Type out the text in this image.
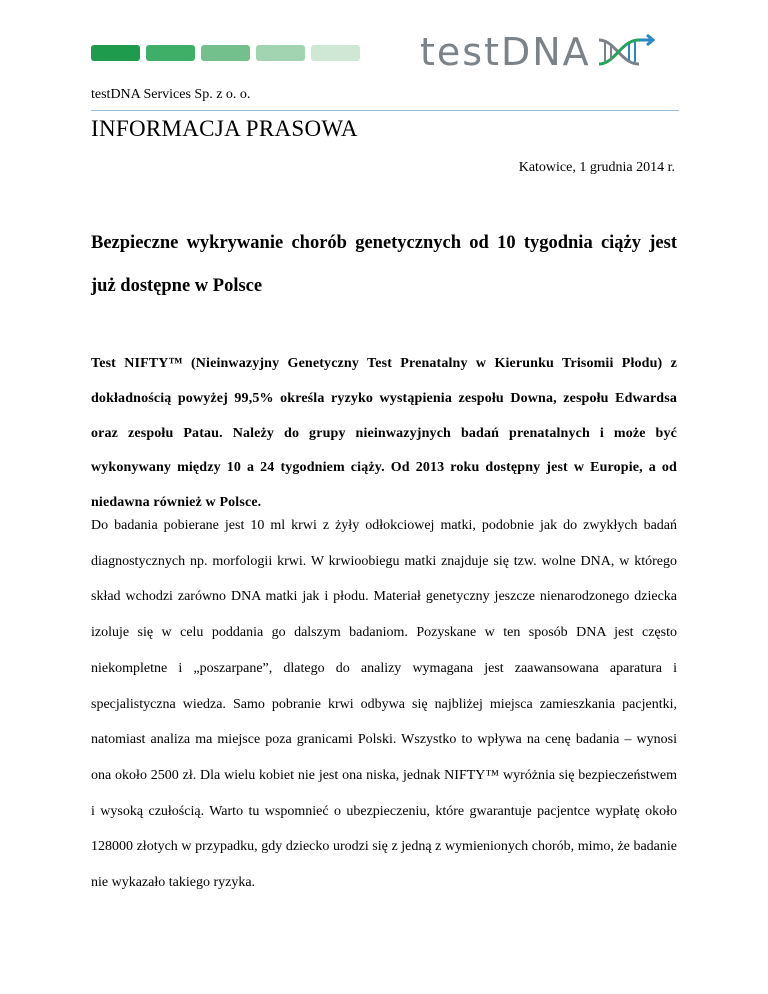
testDNA
testDNA Services Sp. z o. o.
INFORMACJA PRASOWA
Katowice, 1 grudnia 2014 r.
Bezpieczne wykrywanie chorób genetycznych od 10 tygodnia ciąży jest już dostępne w Polsce
Test NIFTY™ (Nieinwazyjny Genetyczny Test Prenatalny w Kierunku Trisomii Płodu) z dokładnością powyżej 99,5% określa ryzyko wystąpienia zespołu Downa, zespołu Edwardsa oraz zespołu Patau. Należy do grupy nieinwazyjnych badań prenatalnych i może być wykonywany między 10 a 24 tygodniem ciąży. Od 2013 roku dostępny jest w Europie, a od niedawna również w Polsce.
Do badania pobierane jest 10 ml krwi z żyły odłokciowej matki, podobnie jak do zwykłych badań diagnostycznych np. morfologii krwi. W krwioobiegu matki znajduje się tzw. wolne DNA, w którego skład wchodzi zarówno DNA matki jak i płodu. Materiał genetyczny jeszcze nienarodzonego dziecka izoluje się w celu poddania go dalszym badaniom. Pozyskane w ten sposób DNA jest często niekompletne i „poszarpane”, dlatego do analizy wymagana jest zaawansowana aparatura i specjalistyczna wiedza. Samo pobranie krwi odbywa się najbliżej miejsca zamieszkania pacjentki, natomiast analiza ma miejsce poza granicami Polski. Wszystko to wpływa na cenę badania – wynosi ona około 2500 zł. Dla wielu kobiet nie jest ona niska, jednak NIFTY™ wyróżnia się bezpieczeństwem i wysoką czułością. Warto tu wspomnieć o ubezpieczeniu, które gwarantuje pacjentce wypłatę około 128000 złotych w przypadku, gdy dziecko urodzi się z jedną z wymienionych chorób, mimo, że badanie nie wykazało takiego ryzyka.
